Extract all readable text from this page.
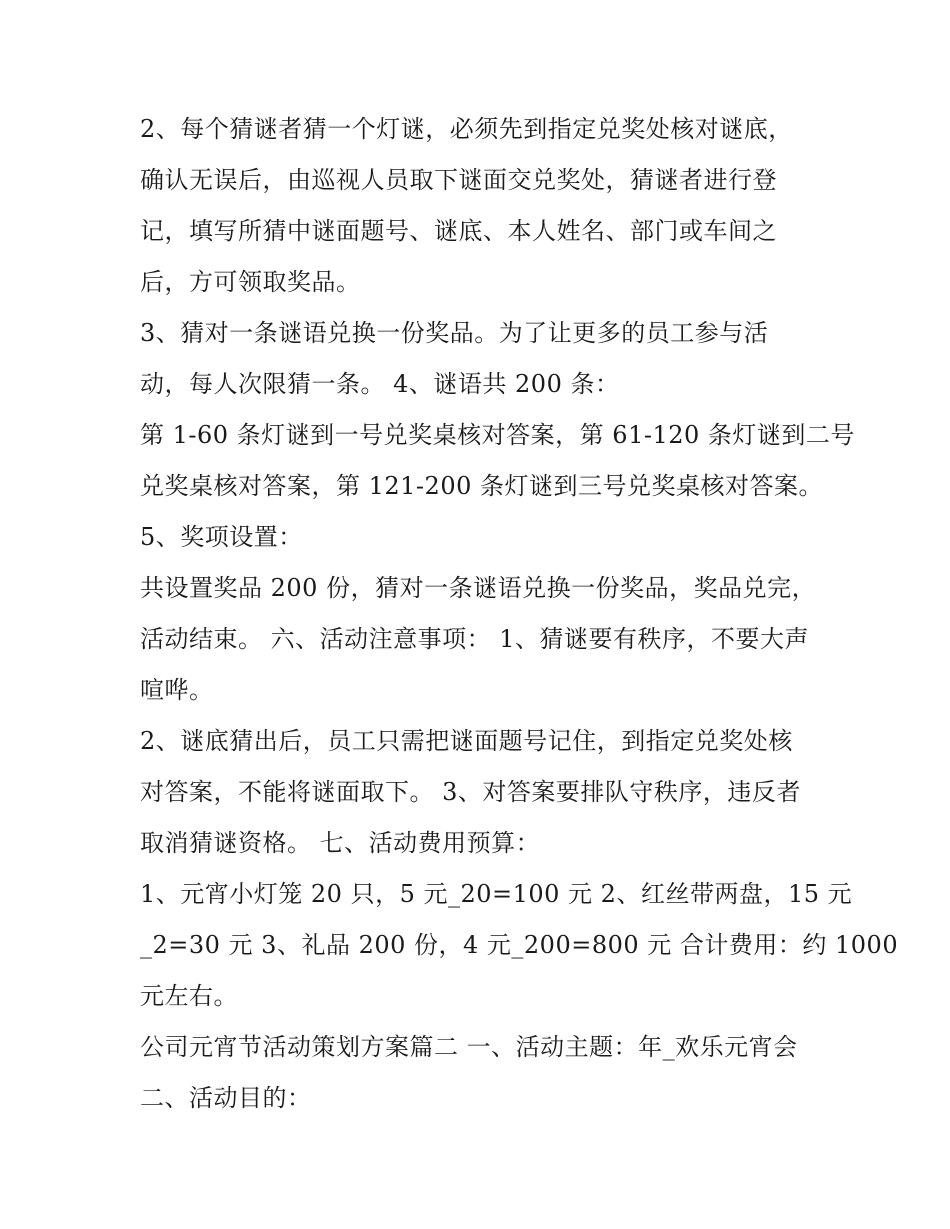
2、每个猜谜者猜一个灯谜，必须先到指定兑奖处核对谜底，
确认无误后，由巡视人员取下谜面交兑奖处，猜谜者进行登
记，填写所猜中谜面题号、谜底、本人姓名、部门或车间之
后，方可领取奖品。
3、猜对一条谜语兑换一份奖品。为了让更多的员工参与活
动，每人次限猜一条。 4、谜语共 200 条：
第 1-60 条灯谜到一号兑奖桌核对答案，第 61-120 条灯谜到二号
兑奖桌核对答案，第 121-200 条灯谜到三号兑奖桌核对答案。
5、奖项设置：
共设置奖品 200 份，猜对一条谜语兑换一份奖品，奖品兑完，
活动结束。 六、活动注意事项： 1、猜谜要有秩序，不要大声
喧哗。
2、谜底猜出后，员工只需把谜面题号记住，到指定兑奖处核
对答案，不能将谜面取下。 3、对答案要排队守秩序，违反者
取消猜谜资格。 七、活动费用预算：
1、元宵小灯笼 20 只，5 元_20=100 元 2、红丝带两盘，15 元
_2=30 元 3、礼品 200 份，4 元_200=800 元 合计费用：约 1000
元左右。
公司元宵节活动策划方案篇二 一、活动主题：年_欢乐元宵会
二、活动目的：
